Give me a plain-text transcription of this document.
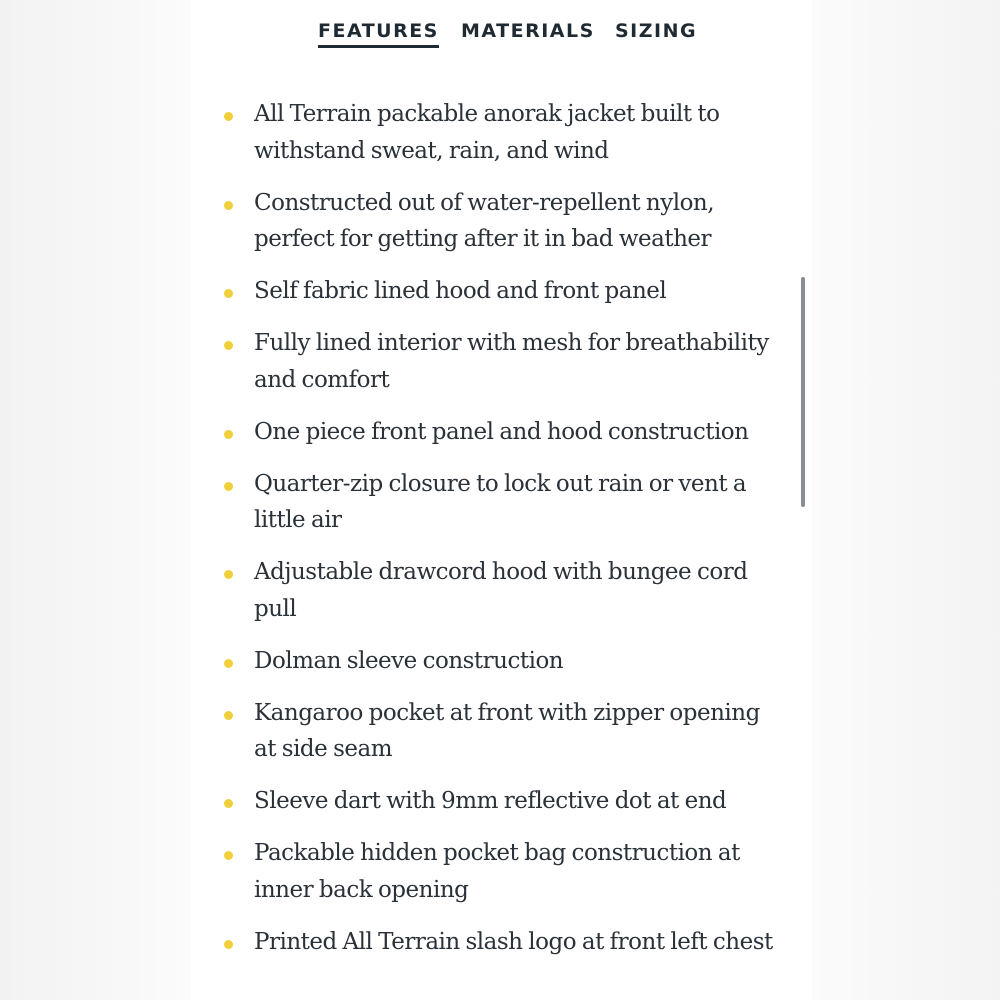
FEATURES MATERIALS SIZING
All Terrain packable anorak jacket built to withstand sweat, rain, and wind
Constructed out of water-repellent nylon, perfect for getting after it in bad weather
Self fabric lined hood and front panel
Fully lined interior with mesh for breathability and comfort
One piece front panel and hood construction
Quarter-zip closure to lock out rain or vent a little air
Adjustable drawcord hood with bungee cord pull
Dolman sleeve construction
Kangaroo pocket at front with zipper opening at side seam
Sleeve dart with 9mm reflective dot at end
Packable hidden pocket bag construction at inner back opening
Printed All Terrain slash logo at front left chest
